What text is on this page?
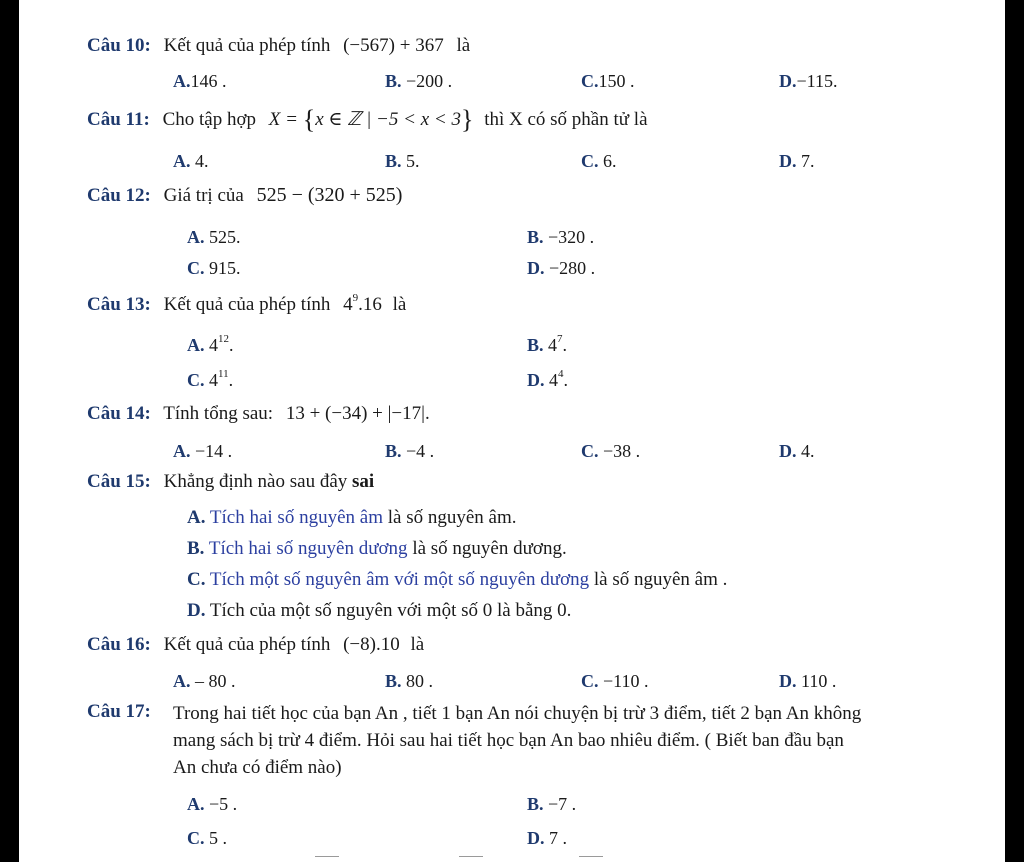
Câu 10: Kết quả của phép tính (−567) + 367 là
A.146 .	B. −200 .	C.150 .	D.−115.
Câu 11: Cho tập hợp X = {x ∈ ℤ | −5 < x < 3} thì X có số phần tử là
A. 4.	B. 5.	C. 6.	D. 7.
Câu 12: Giá trị của 525 − (320 + 525)
A. 525.	B. −320 .
C. 915.	D. −280 .
Câu 13: Kết quả của phép tính $4^9.16$ là
A. $4^{12}$.	B. $4^7$.
C. $4^{11}$.	D. $4^4$.
Câu 14: Tính tổng sau: 13 + (−34) + |−17|.
A. −14 .	B. −4 .	C. −38 .	D. 4.
Câu 15: Khẳng định nào sau đây sai
A. Tích hai số nguyên âm là số nguyên âm.
B. Tích hai số nguyên dương là số nguyên dương.
C. Tích một số nguyên âm với một số nguyên dương là số nguyên âm .
D. Tích của một số nguyên với một số 0 là bằng 0.
Câu 16: Kết quả của phép tính (−8).10 là
A. – 80 .	B. 80 .	C. −110 .	D. 110 .
Câu 17:	Trong hai tiết học của bạn An , tiết 1 bạn An nói chuyện bị trừ 3 điểm, tiết 2 bạn An không
mang sách bị trừ 4 điểm. Hỏi sau hai tiết học bạn An bao nhiêu điểm. ( Biết ban đầu bạn
An chưa có điểm nào)
A. −5 .	B. −7 .
C. 5 .	D. 7 .
